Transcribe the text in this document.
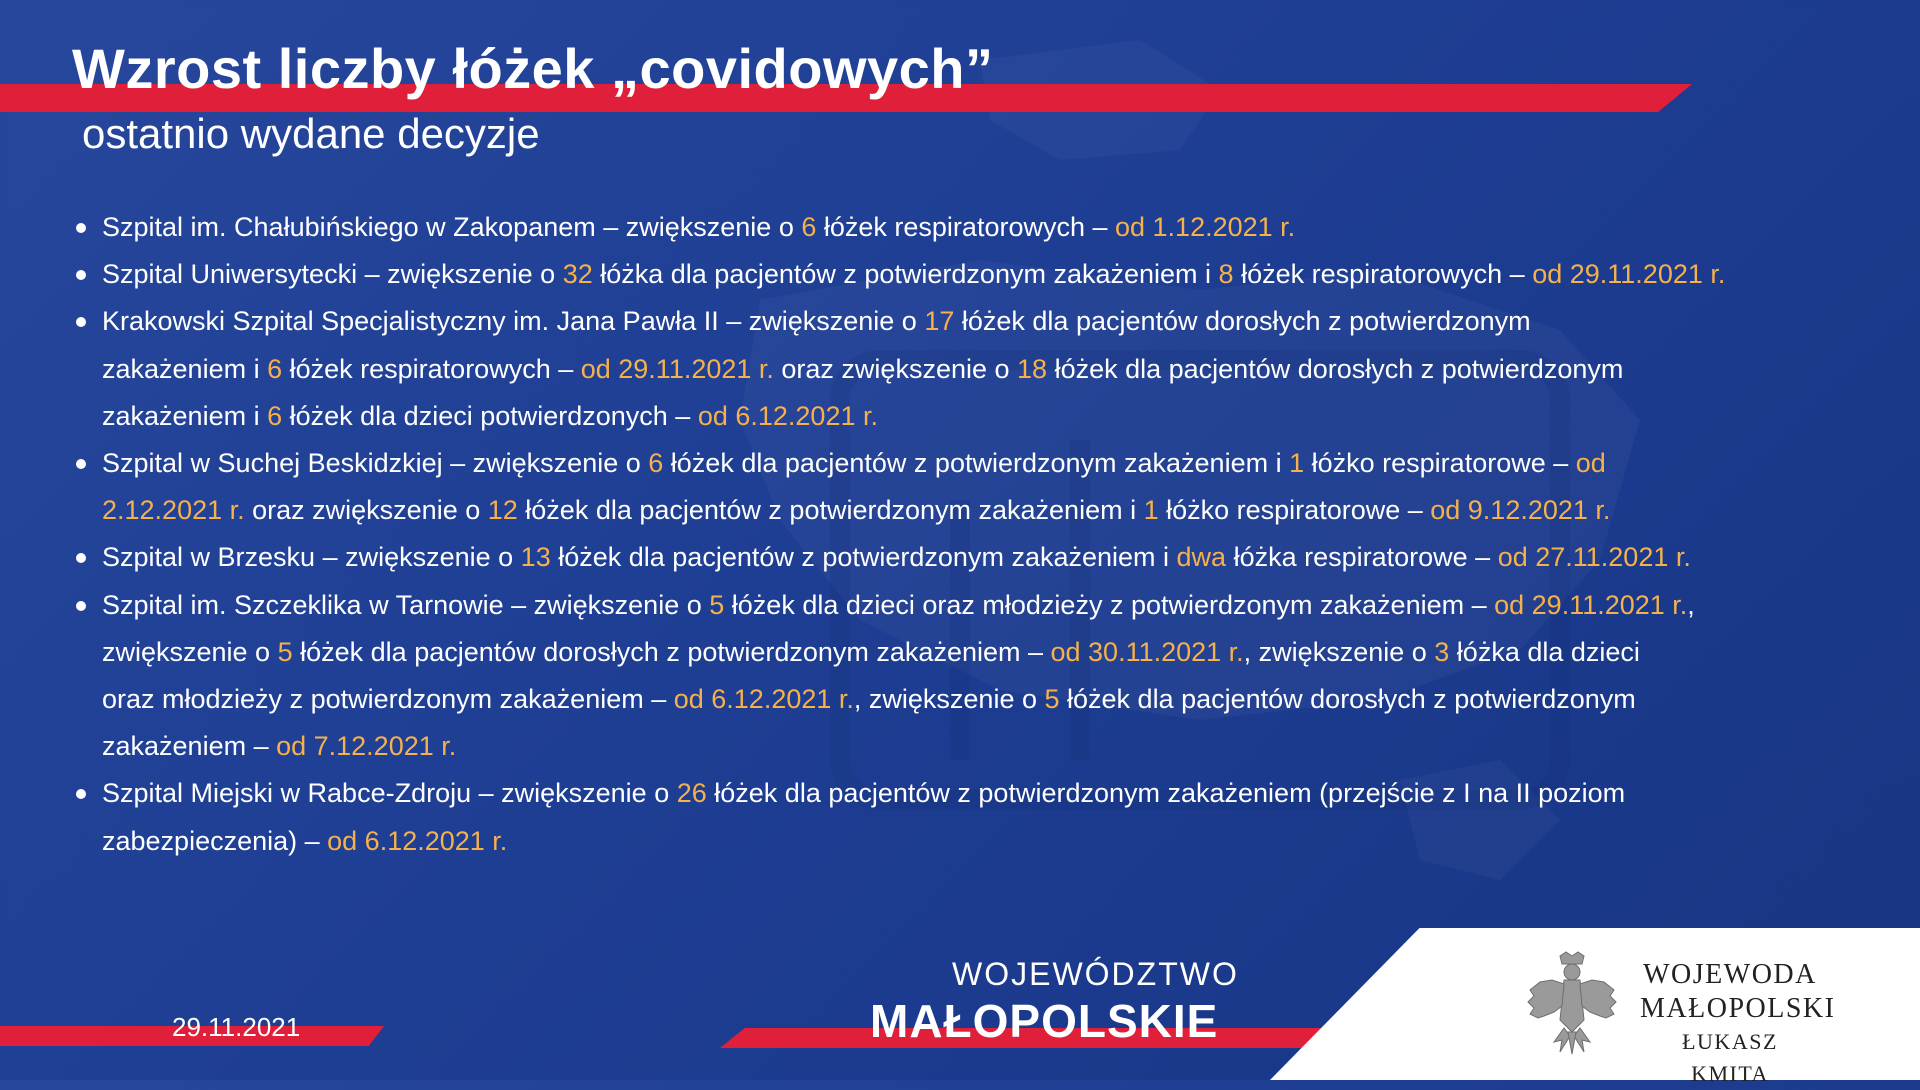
Wzrost liczby łóżek „covidowych”
ostatnio wydane decyzje
Szpital im. Chałubińskiego w Zakopanem – zwiększenie o 6 łóżek respiratorowych – od 1.12.2021 r.
Szpital Uniwersytecki – zwiększenie o 32 łóżka dla pacjentów z potwierdzonym zakażeniem i 8 łóżek respiratorowych – od 29.11.2021 r.
Krakowski Szpital Specjalistyczny im. Jana Pawła II – zwiększenie o 17 łóżek dla pacjentów dorosłych z potwierdzonym
zakażeniem i 6 łóżek respiratorowych – od 29.11.2021 r. oraz zwiększenie o 18 łóżek dla pacjentów dorosłych z potwierdzonym
zakażeniem i 6 łóżek dla dzieci potwierdzonych – od 6.12.2021 r.
Szpital w Suchej Beskidzkiej – zwiększenie o 6 łóżek dla pacjentów z potwierdzonym zakażeniem i 1 łóżko respiratorowe – od
2.12.2021 r. oraz zwiększenie o 12 łóżek dla pacjentów z potwierdzonym zakażeniem i 1 łóżko respiratorowe – od 9.12.2021 r.
Szpital w Brzesku – zwiększenie o 13 łóżek dla pacjentów z potwierdzonym zakażeniem i dwa łóżka respiratorowe – od 27.11.2021 r.
Szpital im. Szczeklika w Tarnowie – zwiększenie o 5 łóżek dla dzieci oraz młodzieży z potwierdzonym zakażeniem – od 29.11.2021 r.,
zwiększenie o 5 łóżek dla pacjentów dorosłych z potwierdzonym zakażeniem – od 30.11.2021 r., zwiększenie o 3 łóżka dla dzieci
oraz młodzieży z potwierdzonym zakażeniem – od 6.12.2021 r., zwiększenie o 5 łóżek dla pacjentów dorosłych z potwierdzonym
zakażeniem – od 7.12.2021 r.
Szpital Miejski w Rabce-Zdroju – zwiększenie o 26 łóżek dla pacjentów z potwierdzonym zakażeniem (przejście z I na II poziom
zabezpieczenia) – od 6.12.2021 r.
29.11.2021
WOJEWÓDZTWO
MAŁOPOLSKIE
WOJEWODA
MAŁOPOLSKI
ŁUKASZ KMITA
